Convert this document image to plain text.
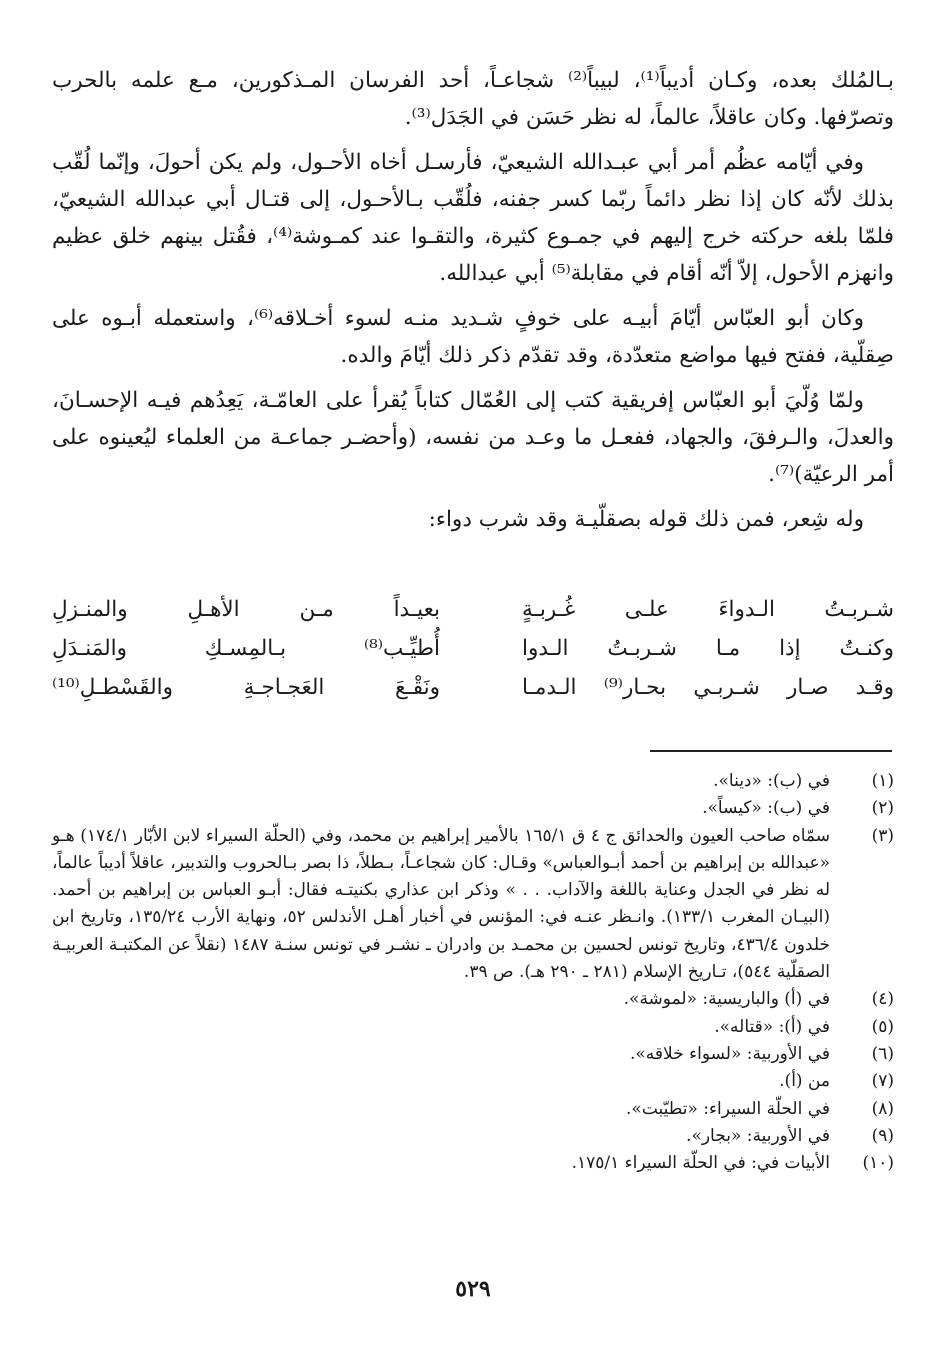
بـالمُلك بعده، وكـان أديباً⁽¹⁾، لبيباً⁽²⁾ شجاعـاً، أحد الفرسان المـذكورين، مـع علمه بالحرب وتصرّفها. وكان عاقلاً، عالماً، له نظر حَسَن في الجَدَل⁽³⁾.

وفي أيّامه عظُم أمر أبي عبـدالله الشيعيّ، فأرسـل أخاه الأحـول، ولم يكن أحولَ، وإنّما لُقّب بذلك لأنّه كان إذا نظر دائماً ربّما كسر جفنه، فلُقّب بـالأحـول، إلى قتـال أبي عبدالله الشيعيّ، فلمّا بلغه حركته خرج إليهم في جمـوع كثيرة، والتقـوا عند كمـوشة⁽⁴⁾، فقُتل بينهم خلق عظيم وانهزم الأحول، إلاّ أنّه أقام في مقابلة⁽⁵⁾ أبي عبدالله.

وكان أبو العبّاس أيّامَ أبيـه على خوفٍ شـديد منـه لسوء أخـلاقه⁽⁶⁾، واستعمله أبـوه على صِقلّية، ففتح فيها مواضع متعدّدة، وقد تقدّم ذكر ذلك أيّامَ والده.

ولمّا وُلّيَ أبو العبّاس إفريقية كتب إلى العُمّال كتاباً يُقرأ على العامّـة، يَعِدُهم فيـه الإحسـانَ، والعدلَ، والـرفقَ، والجهاد، ففعـل ما وعـد من نفسه، (وأحضـر جماعـة من العلماء ليُعينوه على أمر الرعيّة)⁽⁷⁾.

وله شِعر، فمن ذلك قوله بصقلّيـة وقد شرب دواء:

شـربـتُ الـدواءَ علـى غُـربـةٍ
بعيـداً مـن الأهـلِ والمنـزلِ
وكنـتُ إذا مـا شـربـتُ الـدوا
أُطيِّـب⁽⁸⁾ بـالمِسـكِ والمَنـدَلِ
وقـد صـار شـربـي بحـار⁽⁹⁾ الـدمـا
ونَقْـعَ العَجـاجـةِ والقَسْطـلِ⁽¹⁰⁾
(١)
في (ب): «دينا».
(٢)
في (ب): «كيساً».
(٣)
سمّاه صاحب العيون والحدائق ج ٤ ق ١٦٥/١ بالأمير إبراهيم بن محمد، وفي (الحلّة السيراء لابن الأبّار ١٧٤/١) هـو «عبدالله بن إبراهيم بن أحمد أبـوالعباس» وقـال: كان شجاعـاً، بـطلاً، ذا بصر بـالحروب والتدبير، عاقلاً أديباً عالماً، له نظر في الجدل وعناية باللغة والآداب. . . » وذكر ابن عذاري بكنيتـه فقال: أبـو العباس بن إبراهيم بن أحمد. (البيـان المغرب ١٣٣/١). وانـظر عنـه في: المؤنس في أخبار أهـل الأندلس ٥٢، ونهاية الأرب ١٣٥/٢٤، وتاريخ ابن خلدون ٤٣٦/٤، وتاريخ تونس لحسين بن محمـد بن وادران ـ نشـر في تونس سنـة ١٤٨٧ (نقلاً عن المكتبـة العربيـة الصقلّية ٥٤٤)، تـاريخ الإسلام (٢٨١ ـ ٢٩٠ هـ). ص ٣٩.
(٤)
في (أ) والباريسية: «لموشة».
(٥)
في (أ): «قتاله».
(٦)
في الأوربية: «لسواء خلاقه».
(٧)
من (أ).
(٨)
في الحلّة السيراء: «تطيّبت».
(٩)
في الأوربية: «بجار».
(١٠)
الأبيات في: في الحلّة السيراء ١٧٥/١.
٥٢٩
